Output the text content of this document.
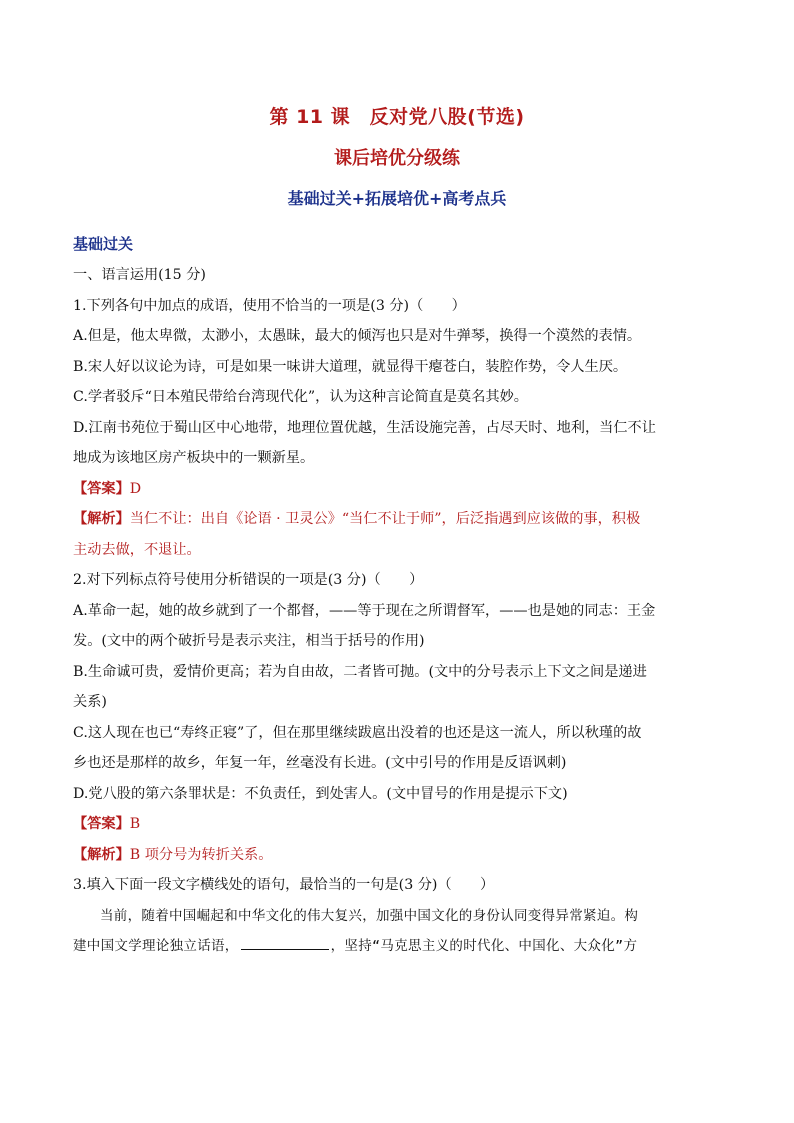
第 11 课　反对党八股(节选)
课后培优分级练
基础过关+拓展培优+高考点兵

基础过关

一、语言运用(15 分)

1.下列各句中加点的成语，使用不恰当的一项是(3 分)（　　）

A.但是，他太卑微，太渺小，太愚昧，最大的倾泻也只是对牛弹琴，换得一个漠然的表情。

B.宋人好以议论为诗，可是如果一味讲大道理，就显得干瘪苍白，装腔作势，令人生厌。

C.学者驳斥“日本殖民带给台湾现代化”，认为这种言论简直是莫名其妙。

D.江南书苑位于蜀山区中心地带，地理位置优越，生活设施完善，占尽天时、地利，当仁不让

地成为该地区房产板块中的一颗新星。

【答案】D

【解析】当仁不让：出自《论语 · 卫灵公》“当仁不让于师”，后泛指遇到应该做的事，积极

主动去做，不退让。

2.对下列标点符号使用分析错误的一项是(3 分)（　　）

A.革命一起，她的故乡就到了一个都督，——等于现在之所谓督军，——也是她的同志：王金

发。(文中的两个破折号是表示夹注，相当于括号的作用)

B.生命诚可贵，爱情价更高；若为自由故，二者皆可抛。(文中的分号表示上下文之间是递进

关系)

C.这人现在也已“寿终正寝”了，但在那里继续跋扈出没着的也还是这一流人，所以秋瑾的故

乡也还是那样的故乡，年复一年，丝毫没有长进。(文中引号的作用是反语讽刺)

D.党八股的第六条罪状是：不负责任，到处害人。(文中冒号的作用是提示下文)

【答案】B

【解析】B 项分号为转折关系。

3.填入下面一段文字横线处的语句，最恰当的一句是(3 分)（　　）

当前，随着中国崛起和中华文化的伟大复兴，加强中国文化的身份认同变得异常紧迫。构

建中国文学理论独立话语，	，坚持“马克思主义的时代化、中国化、大众化”方
